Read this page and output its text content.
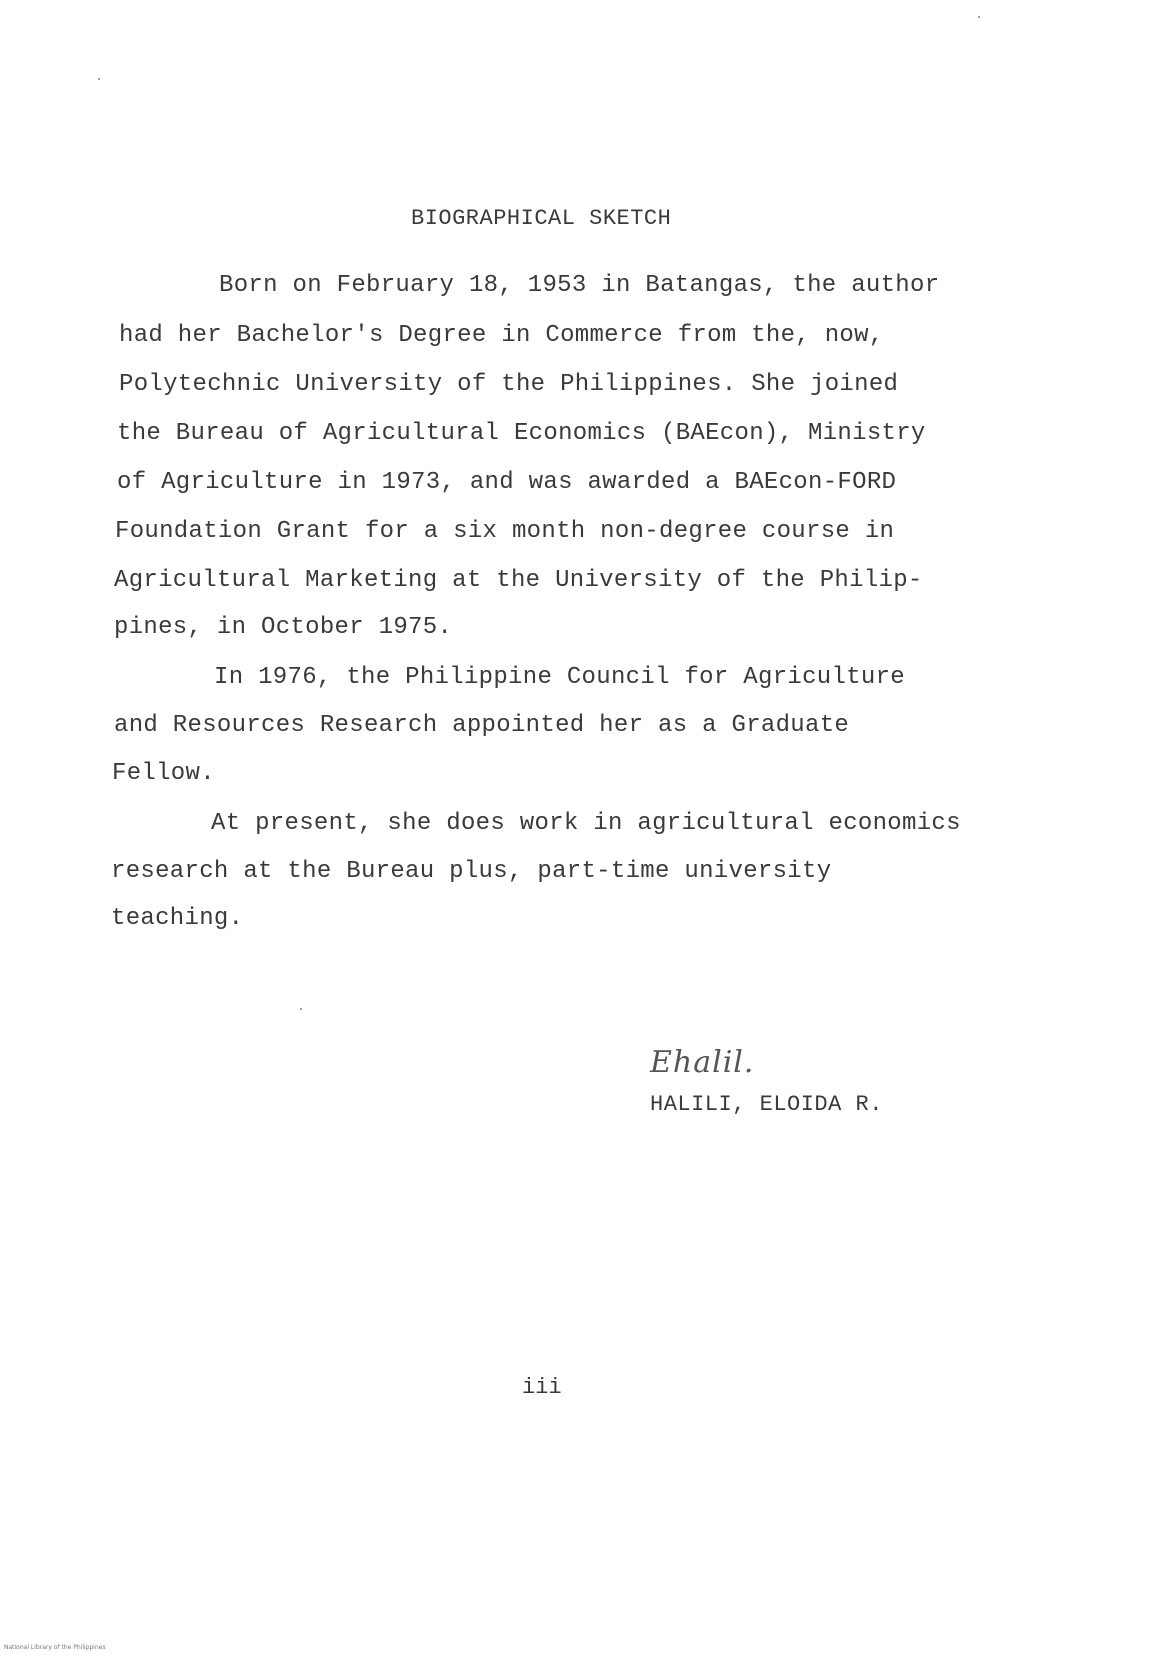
BIOGRAPHICAL SKETCH
Born on February 18, 1953 in Batangas, the author
had her Bachelor's Degree in Commerce from the, now,
Polytechnic University of the Philippines. She joined
the Bureau of Agricultural Economics (BAEcon), Ministry
of Agriculture in 1973, and was awarded a BAEcon-FORD
Foundation Grant for a six month non-degree course in
Agricultural Marketing at the University of the Philip-
pines, in October 1975.
In 1976, the Philippine Council for Agriculture
and Resources Research appointed her as a Graduate
Fellow.
At present, she does work in agricultural economics
research at the Bureau plus, part-time university
teaching.
Ehalil.
HALILI, ELOIDA R.
iii
National Library of the Philippines
